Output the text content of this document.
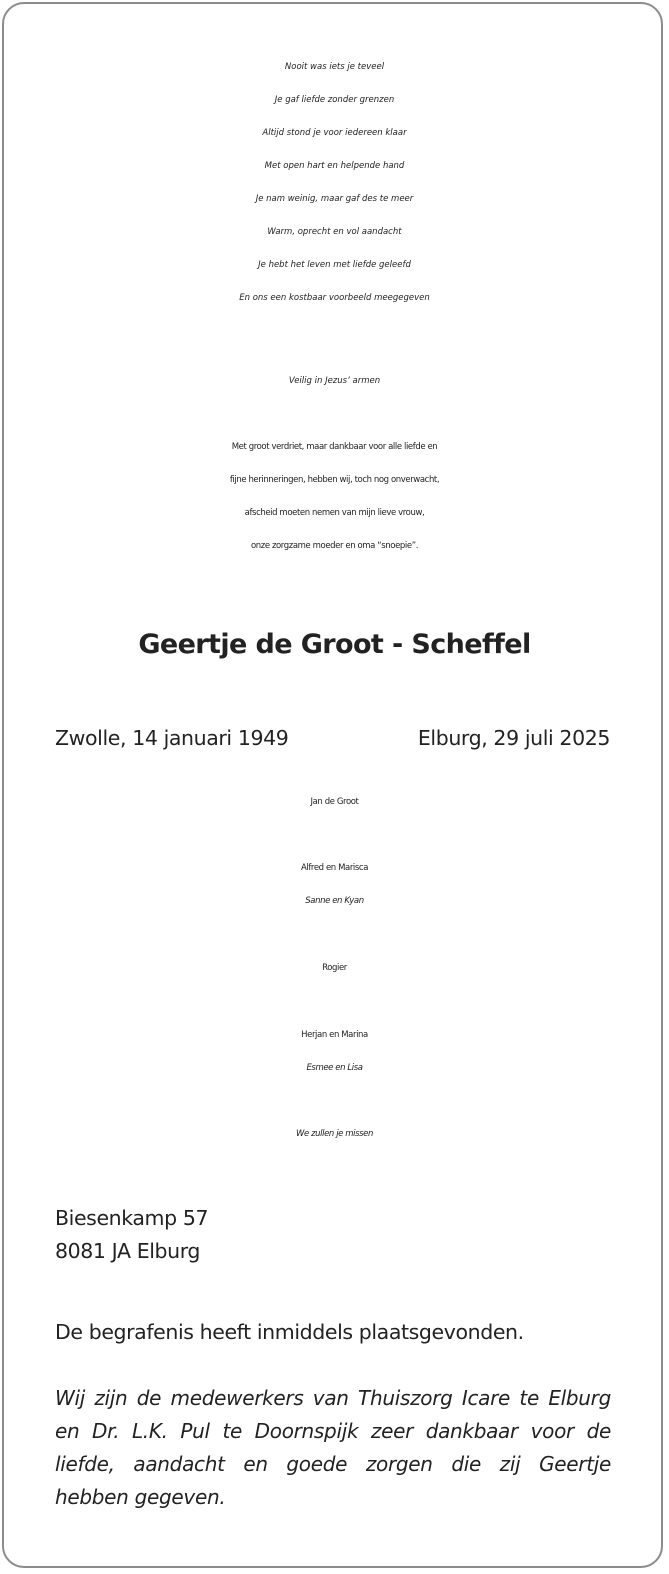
Nooit was iets je teveel
Je gaf liefde zonder grenzen
Altijd stond je voor iedereen klaar
Met open hart en helpende hand
Je nam weinig, maar gaf des te meer
Warm, oprecht en vol aandacht
Je hebt het leven met liefde geleefd
En ons een kostbaar voorbeeld meegegeven
Veilig in Jezus’ armen
Met groot verdriet, maar dankbaar voor alle liefde en
fijne herinneringen, hebben wij, toch nog onverwacht,
afscheid moeten nemen van mijn lieve vrouw,
onze zorgzame moeder en oma “snoepie”.
Geertje de Groot - Scheffel
Zwolle, 14 januari 1949	Elburg, 29 juli 2025
Jan de Groot
Alfred en Marisca
Sanne en Kyan
Rogier
Herjan en Marina
Esmee en Lisa
We zullen je missen
Biesenkamp 57
8081 JA Elburg
De begrafenis heeft inmiddels plaatsgevonden.
Wij zijn de medewerkers van Thuiszorg Icare te Elburg
en Dr. L.K. Pul te Doornspijk zeer dankbaar voor de
liefde, aandacht en goede zorgen die zij Geertje
hebben gegeven.
